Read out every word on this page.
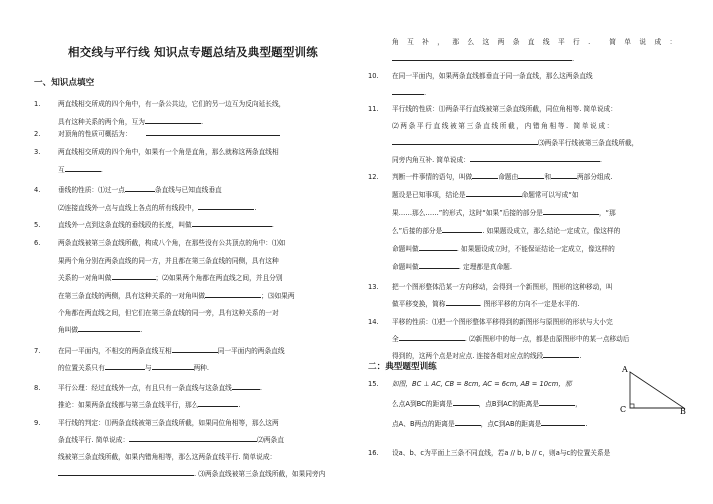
相交线与平行线 知识点专题总结及典型题型训练
一、知识点填空
1.	两直线相交所成的四个角中，有一条公共边，它们的另一边互为反向延长线，
具有这种关系的两个角，互为	.
2.	对顶角的性质可概括为：
3.	两直线相交所成的四个角中，如果有一个角是直角，那么就称这两条直线相
互	.
4.	垂线的性质：⑴过一点	条直线与已知直线垂直
⑵连接直线外一点与直线上各点的所有线段中，	.
5.	直线外一点到这条直线的垂线段的长度，叫做	.
6.	两条直线被第三条直线所截，构成八个角，在那些没有公共顶点的角中：⑴如
果两个角分别在两条直线的同一方，并且都在第三条直线的同侧，具有这种
关系的一对角叫做	；⑵如果两个角都在两直线之间，并且分别
在第三条直线的两侧，具有这种关系的一对角叫做	；⑶如果两
个角都在两直线之间，但它们在第三条直线的同一旁，具有这种关系的一对
角叫做	.
7.	在同一平面内，不相交的两条直线互相	同一平面内的两条直线
的位置关系只有	与	两种.
8.	平行公理：经过直线外一点，有且只有一条直线与这条直线	.
推论：如果两条直线都与第三条直线平行，那么	.
9.	平行线的判定：⑴两条直线被第三条直线所截，如果同位角相等，那么这两
条直线平行. 简单说成：	⑵两条直
线被第三条直线所截，如果内错角相等，那么这两条直线平行. 简单说成：
. ⑶两条直线被第三条直线所截，如果同旁内
角互补，那么这两条直线平行. 简单说成：
.
10.	在同一平面内，如果两条直线都垂直于同一条直线，那么这两条直线
.
11.	平行线的性质：⑴两条平行直线被第三条直线所截，同位角相等. 简单说成：
⑵两条平行直线被第三条直线所截，内错角相等. 简单说成：
⑶两条平行线被第三条直线所截，
同旁内角互补. 简单说成：	.
12.	判断一件事情的语句，叫做	命题由	和	两部分组成.
题设是已知事项，结论是	命题常可以写成“如
果……那么……”的形式，这时“如果”后接的部分是	，“那
么”后接的部分是	. 如果题设成立，那么结论一定成立，像这样的
命题叫做	. 如果题设成立时，不能保证结论一定成立，像这样的
命题叫做	. 定理都是真命题.
13.	把一个图形整体沿某一方向移动，会得到一个新图形，图形的这种移动，叫
做平移变换，简称	. 图形平移的方向不一定是水平的.
14.	平移的性质：⑴把一个图形整体平移得到的新图形与原图形的形状与大小完
全	. ⑵新图形中的每一点，都是由原图形中的某一点移动后
得到的，这两个点是对应点. 连接各组对应点的线段	.
二：典型题型训练
15.	如图，BC ⊥ AC, CB = 8cm, AC = 6cm, AB = 10cm，那
么点A到BC的距离是	，点B到AC的距离是	，
点A、B两点的距离是	，点C到AB的距离是	.
A
C	B
16.	设a、b、c为平面上三条不同直线，若a // b, b // c，则a与c的位置关系是
